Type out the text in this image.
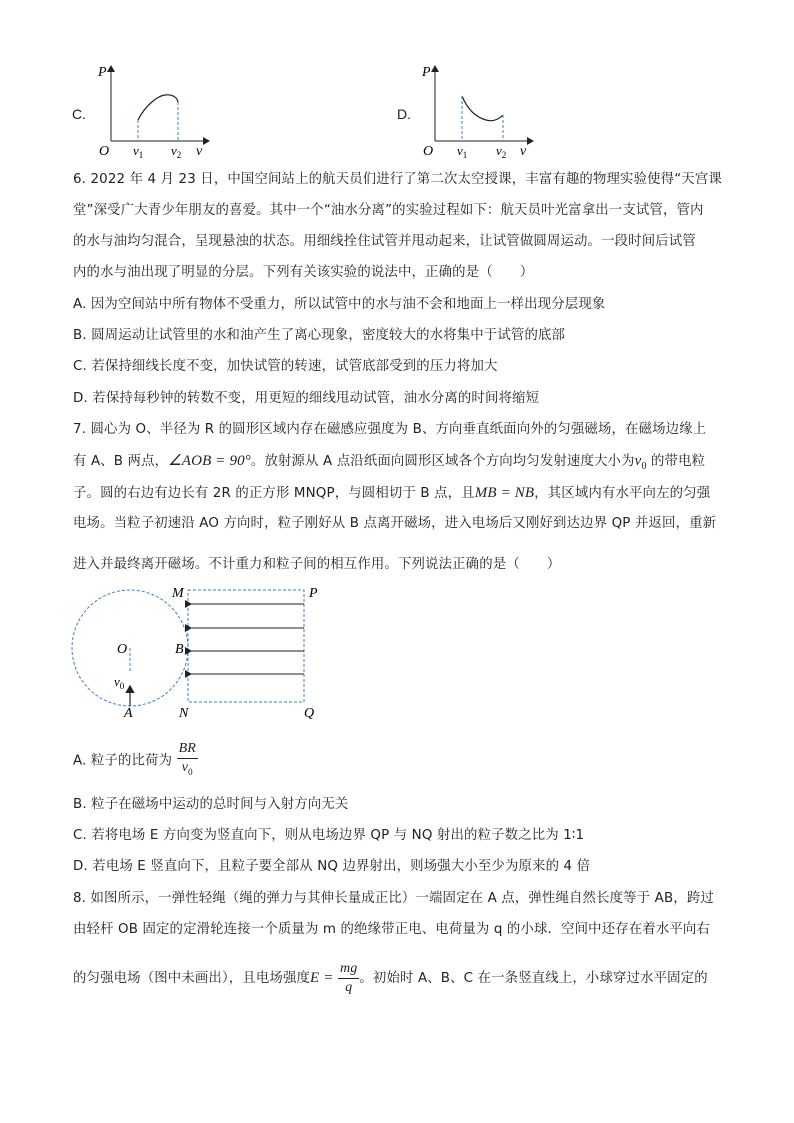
C.
P
O	v
$v_1$ $v_2$
D.
P
O	v
$v_1$ $v_2$
6. 2022 年 4 月 23 日，中国空间站上的航天员们进行了第二次太空授课，丰富有趣的物理实验使得“天宫课
堂”深受广大青少年朋友的喜爱。其中一个“油水分离”的实验过程如下：航天员叶光富拿出一支试管，管内
的水与油均匀混合，呈现悬浊的状态。用细线拴住试管并甩动起来，让试管做圆周运动。一段时间后试管
内的水与油出现了明显的分层。下列有关该实验的说法中，正确的是（　　）
A. 因为空间站中所有物体不受重力，所以试管中的水与油不会和地面上一样出现分层现象
B. 圆周运动让试管里的水和油产生了离心现象，密度较大的水将集中于试管的底部
C. 若保持细线长度不变，加快试管的转速，试管底部受到的压力将加大
D. 若保持每秒钟的转数不变，用更短的细线甩动试管，油水分离的时间将缩短
7. 圆心为 O、半径为 R 的圆形区域内存在磁感应强度为 B、方向垂直纸面向外的匀强磁场，在磁场边缘上
有 A、B 两点，∠AOB = 90°。放射源从 A 点沿纸面向圆形区域各个方向均匀发射速度大小为$v_0$ 的带电粒
子。圆的右边有边长有 2R 的正方形 MNQP，与圆相切于 B 点，且MB = NB，其区域内有水平向左的匀强
电场。当粒子初速沿 AO 方向时，粒子刚好从 B 点离开磁场，进入电场后又刚好到达边界 QP 并返回，重新
进入并最终离开磁场。不计重力和粒子间的相互作用。下列说法正确的是（　　）
M	P
O	B
$v_0$
A	N	Q
A. 粒子的比荷为 $\frac{BR}{v_0}$
B. 粒子在磁场中运动的总时间与入射方向无关
C. 若将电场 E 方向变为竖直向下，则从电场边界 QP 与 NQ 射出的粒子数之比为 1∶1
D. 若电场 E 竖直向下，且粒子要全部从 NQ 边界射出，则场强大小至少为原来的 4 倍
8. 如图所示，一弹性轻绳（绳的弹力与其伸长量成正比）一端固定在 A 点，弹性绳自然长度等于 AB，跨过
由轻杆 OB 固定的定滑轮连接一个质量为 m 的绝缘带正电、电荷量为 q 的小球．空间中还存在着水平向右
的匀强电场（图中未画出），且电场强度$E = \frac{mg}{q}$ 。初始时 A、B、C 在一条竖直线上，小球穿过水平固定的
